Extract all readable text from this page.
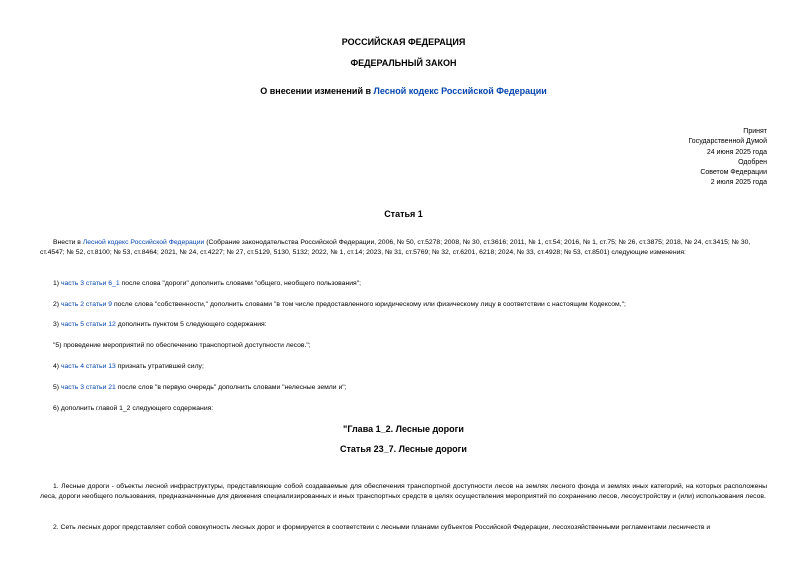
РОССИЙСКАЯ ФЕДЕРАЦИЯ
ФЕДЕРАЛЬНЫЙ ЗАКОН
О внесении изменений в Лесной кодекс Российской Федерации
Принят
Государственной Думой
24 июня 2025 года
Одобрен
Советом Федерации
2 июля 2025 года
Статья 1
Внести в Лесной кодекс Российской Федерации (Собрание законодательства Российской Федерации, 2006, № 50, ст.5278; 2008, № 30, ст.3616; 2011, № 1, ст.54; 2016, № 1, ст.75; № 26, ст.3875; 2018, № 24, ст.3415; № 30, ст.4547; № 52, ст.8100; № 53, ст.8464; 2021, № 24, ст.4227; № 27, ст.5129, 5130, 5132; 2022, № 1, ст.14; 2023, № 31, ст.5769; № 32, ст.6201, 6218; 2024, № 33, ст.4928; № 53, ст.8501) следующие изменения:
1) часть 3 статьи 6_1 после слова "дороги" дополнить словами "общего, необщего пользования";
2) часть 2 статьи 9 после слова "собственности," дополнить словами "в том числе предоставленного юридическому или физическому лицу в соответствии с настоящим Кодексом,";
3) часть 5 статьи 12 дополнить пунктом 5 следующего содержания:
"5) проведение мероприятий по обеспечению транспортной доступности лесов.";
4) часть 4 статьи 13 признать утратившей силу;
5) часть 3 статьи 21 после слов "в первую очередь" дополнить словами "нелесные земли и";
6) дополнить главой 1_2 следующего содержания:
"Глава 1_2. Лесные дороги
Статья 23_7. Лесные дороги
1. Лесные дороги - объекты лесной инфраструктуры, представляющие собой создаваемые для обеспечения транспортной доступности лесов на землях лесного фонда и землях иных категорий, на которых расположены леса, дороги необщего пользования, предназначенные для движения специализированных и иных транспортных средств в целях осуществления мероприятий по сохранению лесов, лесоустройству и (или) использования лесов.
2. Сеть лесных дорог представляет собой совокупность лесных дорог и формируется в соответствии с лесными планами субъектов Российской Федерации, лесохозяйственными регламентами лесничеств и
